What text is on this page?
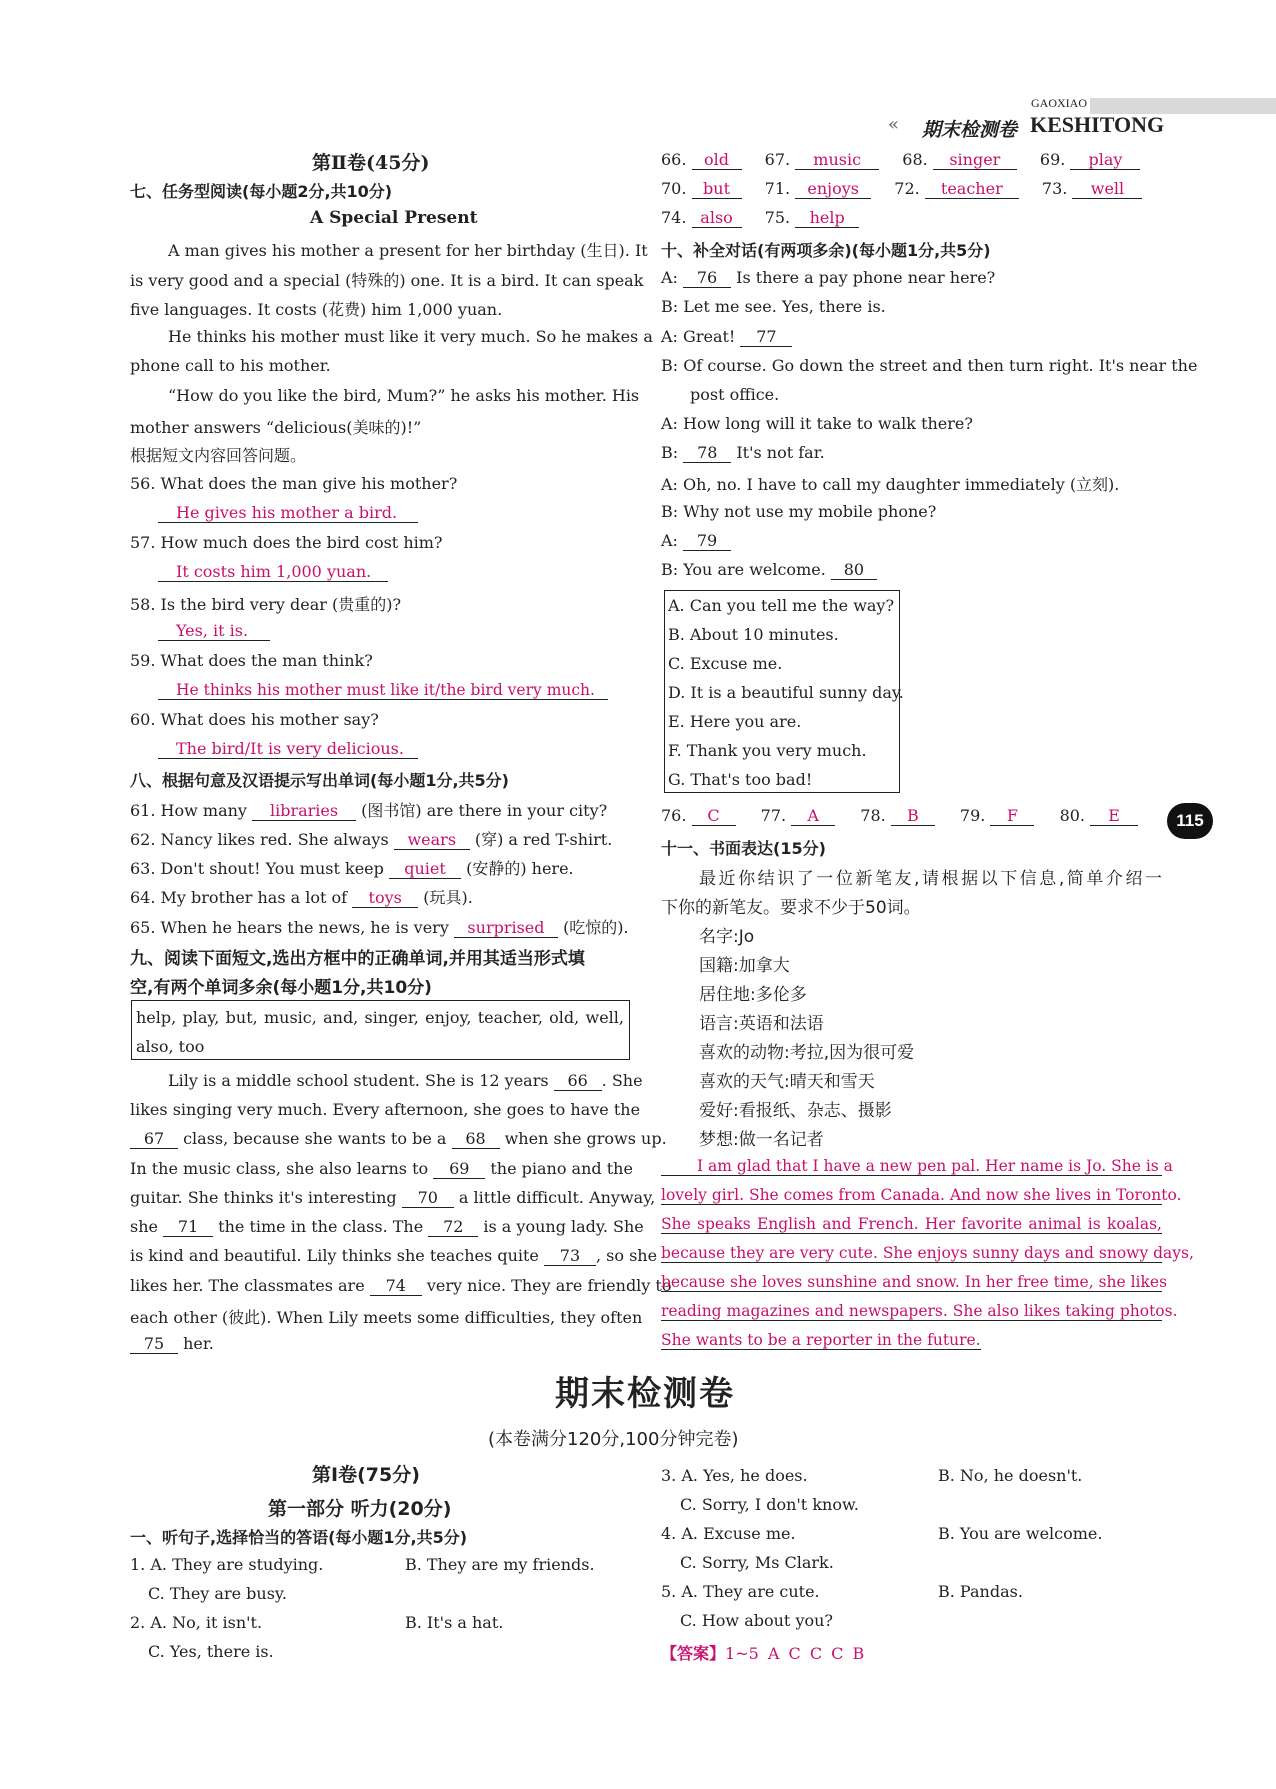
GAOXIAO
« 期末检测卷 KESHITONG
第Ⅱ卷(45分)
七、任务型阅读(每小题2分,共10分)
A Special Present
A man gives his mother a present for her birthday (生日). It
is very good and a special (特殊的) one. It is a bird. It can speak
five languages. It costs (花费) him 1,000 yuan.
He thinks his mother must like it very much. So he makes a
phone call to his mother.
“How do you like the bird, Mum?” he asks his mother. His
mother answers “delicious(美味的)!”
根据短文内容回答问题。
56. What does the man give his mother?
He gives his mother a bird.
57. How much does the bird cost him?
It costs him 1,000 yuan.
58. Is the bird very dear (贵重的)?
Yes, it is.
59. What does the man think?
He thinks his mother must like it/the bird very much.
60. What does his mother say?
The bird/It is very delicious.
八、根据句意及汉语提示写出单词(每小题1分,共5分)
61. How many libraries (图书馆) are there in your city?
62. Nancy likes red. She always wears (穿) a red T-shirt.
63. Don't shout! You must keep quiet (安静的) here.
64. My brother has a lot of toys (玩具).
65. When he hears the news, he is very surprised (吃惊的).
九、阅读下面短文,选出方框中的正确单词,并用其适当形式填
空,有两个单词多余(每小题1分,共10分)
help, play, but, music, and, singer, enjoy, teacher, old, well,
also, too
Lily is a middle school student. She is 12 years 66 . She
likes singing very much. Every afternoon, she goes to have the
67 class, because she wants to be a 68 when she grows up.
In the music class, she also learns to 69 the piano and the
guitar. She thinks it's interesting 70 a little difficult. Anyway,
she 71 the time in the class. The 72 is a young lady. She
is kind and beautiful. Lily thinks she teaches quite 73 , so she
likes her. The classmates are 74 very nice. They are friendly to
each other (彼此). When Lily meets some difficulties, they often
75 her.
66. old 67. music	68. singer 69. play
70. but 71. enjoys 72. teacher 73. well
74. also 75. help
十、补全对话(有两项多余)(每小题1分,共5分)
A: 76 Is there a pay phone near here?
B: Let me see. Yes, there is.
A: Great! 77
B: Of course. Go down the street and then turn right. It's near the
post office.
A: How long will it take to walk there?
B: 78 It's not far.
A: Oh, no. I have to call my daughter immediately (立刻).
B: Why not use my mobile phone?
A: 79
B: You are welcome. 80
A. Can you tell me the way?
B. About 10 minutes.
C. Excuse me.
D. It is a beautiful sunny day.
E. Here you are.
F. Thank you very much.
G. That's too bad!
76. C	77. A	78. B	79. F	80. E	115
十一、书面表达(15分)
最近你结识了一位新笔友,请根据以下信息,简单介绍一
下你的新笔友。要求不少于50词。
名字:Jo
国籍:加拿大
居住地:多伦多
语言:英语和法语
喜欢的动物:考拉,因为很可爱
喜欢的天气:晴天和雪天
爱好:看报纸、杂志、摄影
梦想:做一名记者
I am glad that I have a new pen pal. Her name is Jo. She is a
lovely girl. She comes from Canada. And now she lives in Toronto.
She speaks English and French. Her favorite animal is koalas,
because they are very cute. She enjoys sunny days and snowy days,
because she loves sunshine and snow. In her free time, she likes
reading magazines and newspapers. She also likes taking photos.
She wants to be a reporter in the future.
期末检测卷
(本卷满分120分,100分钟完卷)
第Ⅰ卷(75分)
第一部分 听力(20分)
一、听句子,选择恰当的答语(每小题1分,共5分)
1. A. They are studying.	B. They are my friends.
C. They are busy.
2. A. No, it isn't.	B. It's a hat.
C. Yes, there is.
3. A. Yes, he does.	B. No, he doesn't.
C. Sorry, I don't know.
4. A. Excuse me.	B. You are welcome.
C. Sorry, Ms Clark.
5. A. They are cute.	B. Pandas.
C. How about you?
【答案】1~5 A C C C B
